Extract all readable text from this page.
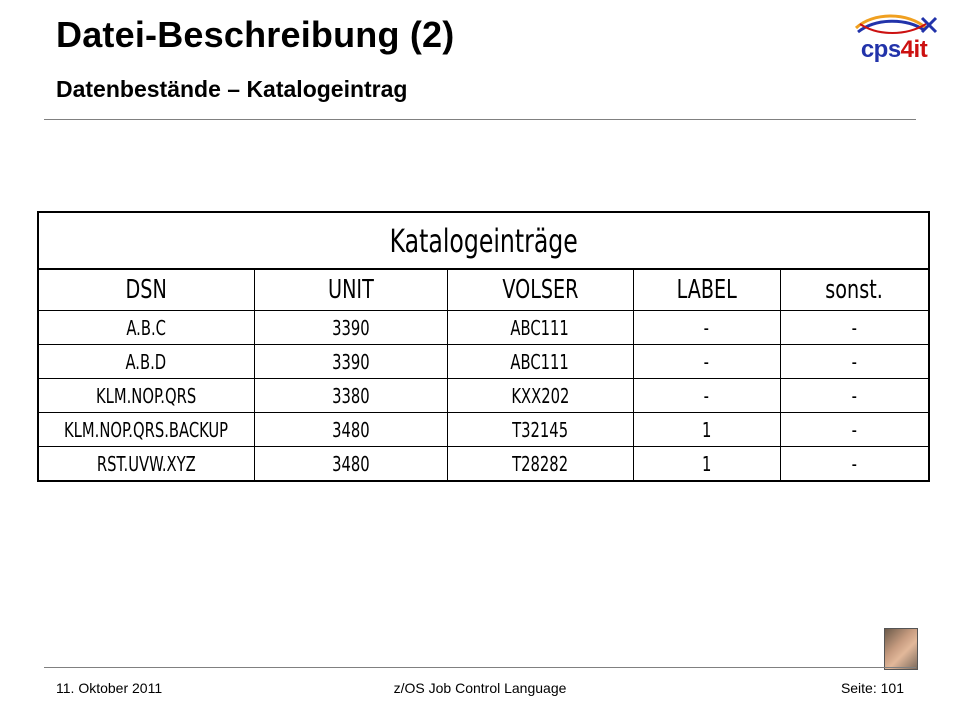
Datei-Beschreibung (2)
Datenbestände – Katalogeintrag
cps4it
Katalogeinträge				
DSN	UNIT	VOLSER	LABEL	sonst.
A.B.C	3390	ABC111	-	-
A.B.D	3390	ABC111	-	-
KLM.NOP.QRS	3380	KXX202	-	-
KLM.NOP.QRS.BACKUP	3480	T32145	1	-
RST.UVW.XYZ	3480	T28282	1	-
11. Oktober 2011	z/OS Job Control Language	Seite: 101
